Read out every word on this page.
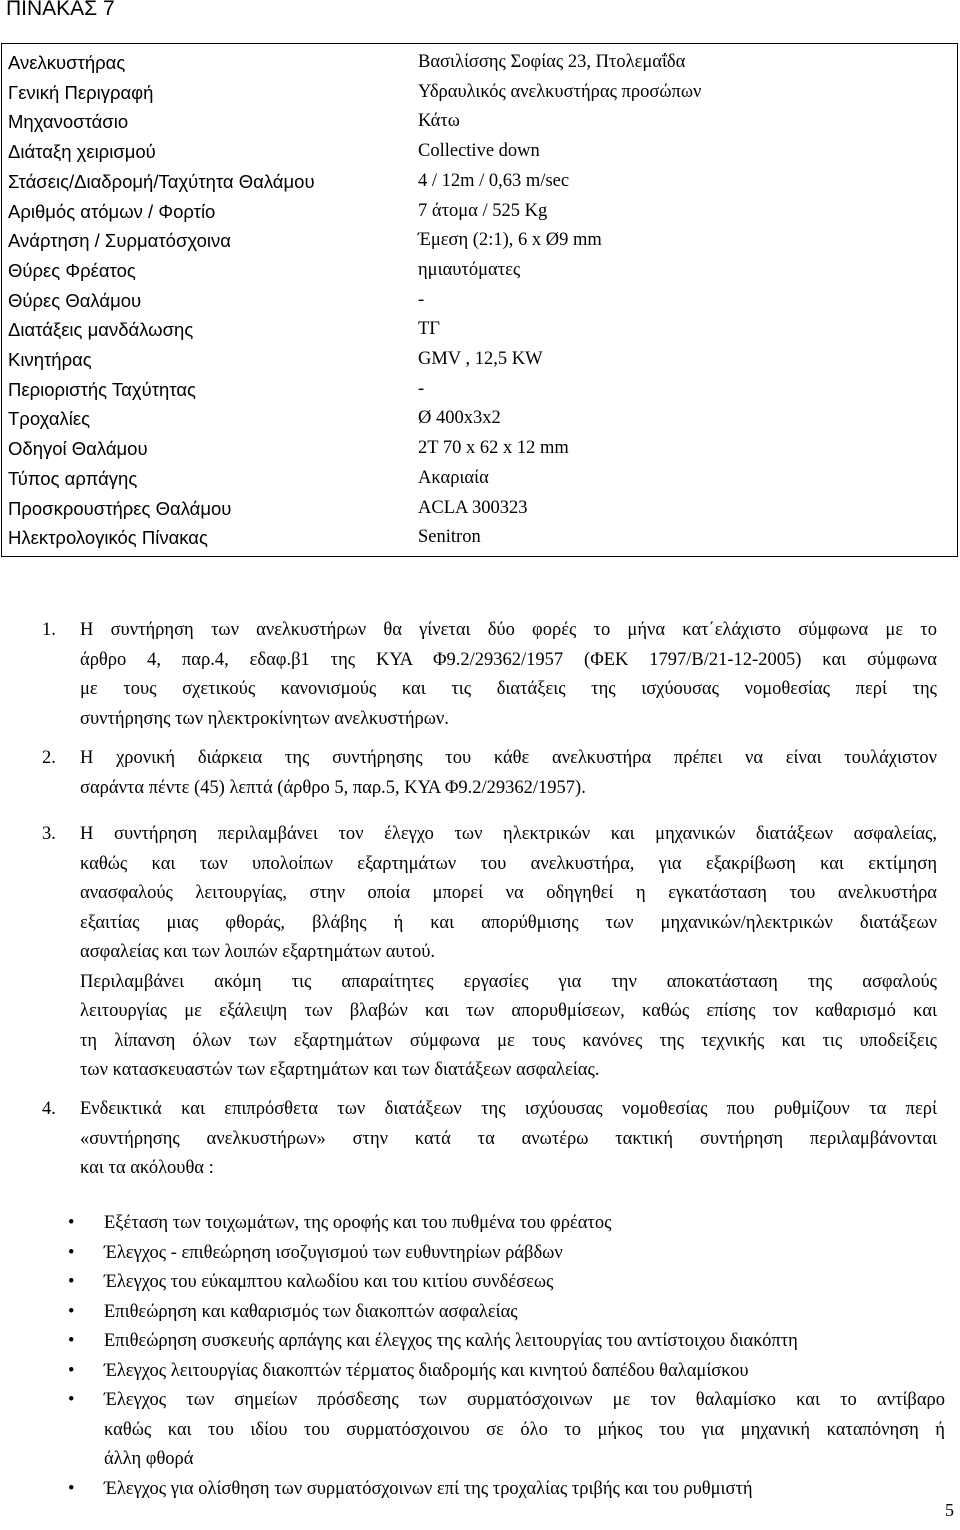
ΠΙΝΑΚΑΣ 7
Ανελκυστήρας	Βασιλίσσης Σοφίας 23, Πτολεμαΐδα
Γενική Περιγραφή	Υδραυλικός ανελκυστήρας προσώπων
Μηχανοστάσιο	Κάτω
Διάταξη χειρισμού	Collective down
Στάσεις/Διαδρομή/Ταχύτητα Θαλάμου	4 / 12m / 0,63 m/sec
Αριθμός ατόμων / Φορτίο	7 άτομα / 525 Kg
Ανάρτηση / Συρματόσχοινα	Έμεση (2:1), 6 x Ø9 mm
Θύρες Φρέατος	ημιαυτόματες
Θύρες Θαλάμου	-
Διατάξεις μανδάλωσης	ΤΓ
Κινητήρας	GMV , 12,5 KW
Περιοριστής Ταχύτητας	-
Τροχαλίες	Ø 400x3x2
Οδηγοί Θαλάμου	2T 70 x 62 x 12 mm
Τύπος αρπάγης	Ακαριαία
Προσκρουστήρες Θαλάμου	ACLA 300323
Ηλεκτρολογικός Πίνακας	Senitron
1.	Η συντήρηση των ανελκυστήρων θα γίνεται δύο φορές το μήνα κατ΄ελάχιστο σύμφωνα με το
άρθρο 4, παρ.4, εδαφ.β1 της ΚΥΑ Φ9.2/29362/1957 (ΦΕΚ 1797/Β/21-12-2005) και σύμφωνα
με τους σχετικούς κανονισμούς και τις διατάξεις της ισχύουσας νομοθεσίας περί της
συντήρησης των ηλεκτροκίνητων ανελκυστήρων.
2.	Η χρονική διάρκεια της συντήρησης του κάθε ανελκυστήρα πρέπει να είναι τουλάχιστον
σαράντα πέντε (45) λεπτά (άρθρο 5, παρ.5, ΚΥΑ Φ9.2/29362/1957).
3.	Η συντήρηση περιλαμβάνει τον έλεγχο των ηλεκτρικών και μηχανικών διατάξεων ασφαλείας,
καθώς και των υπολοίπων εξαρτημάτων του ανελκυστήρα, για εξακρίβωση και εκτίμηση
ανασφαλούς λειτουργίας, στην οποία μπορεί να οδηγηθεί η εγκατάσταση του ανελκυστήρα
εξαιτίας μιας φθοράς, βλάβης ή και απορύθμισης των μηχανικών/ηλεκτρικών διατάξεων
ασφαλείας και των λοιπών εξαρτημάτων αυτού.
Περιλαμβάνει ακόμη τις απαραίτητες εργασίες για την αποκατάσταση της ασφαλούς
λειτουργίας με εξάλειψη των βλαβών και των απορυθμίσεων, καθώς επίσης τον καθαρισμό και
τη λίπανση όλων των εξαρτημάτων σύμφωνα με τους κανόνες της τεχνικής και τις υποδείξεις
των κατασκευαστών των εξαρτημάτων και των διατάξεων ασφαλείας.
4.	Ενδεικτικά και επιπρόσθετα των διατάξεων της ισχύουσας νομοθεσίας που ρυθμίζουν τα περί
«συντήρησης ανελκυστήρων» στην κατά τα ανωτέρω τακτική συντήρηση περιλαμβάνονται
και τα ακόλουθα :
• Εξέταση των τοιχωμάτων, της οροφής και του πυθμένα του φρέατος
• Έλεγχος - επιθεώρηση ισοζυγισμού των ευθυντηρίων ράβδων
• Έλεγχος του εύκαμπτου καλωδίου και του κιτίου συνδέσεως
• Επιθεώρηση και καθαρισμός των διακοπτών ασφαλείας
• Επιθεώρηση συσκευής αρπάγης και έλεγχος της καλής λειτουργίας του αντίστοιχου διακόπτη
• Έλεγχος λειτουργίας διακοπτών τέρματος διαδρομής και κινητού δαπέδου θαλαμίσκου
• Έλεγχος των σημείων πρόσδεσης των συρματόσχοινων με τον θαλαμίσκο και το αντίβαρο
καθώς και του ιδίου του συρματόσχοινου σε όλο το μήκος του για μηχανική καταπόνηση ή
άλλη φθορά
• Έλεγχος για ολίσθηση των συρματόσχοινων επί της τροχαλίας τριβής και του ρυθμιστή
5
